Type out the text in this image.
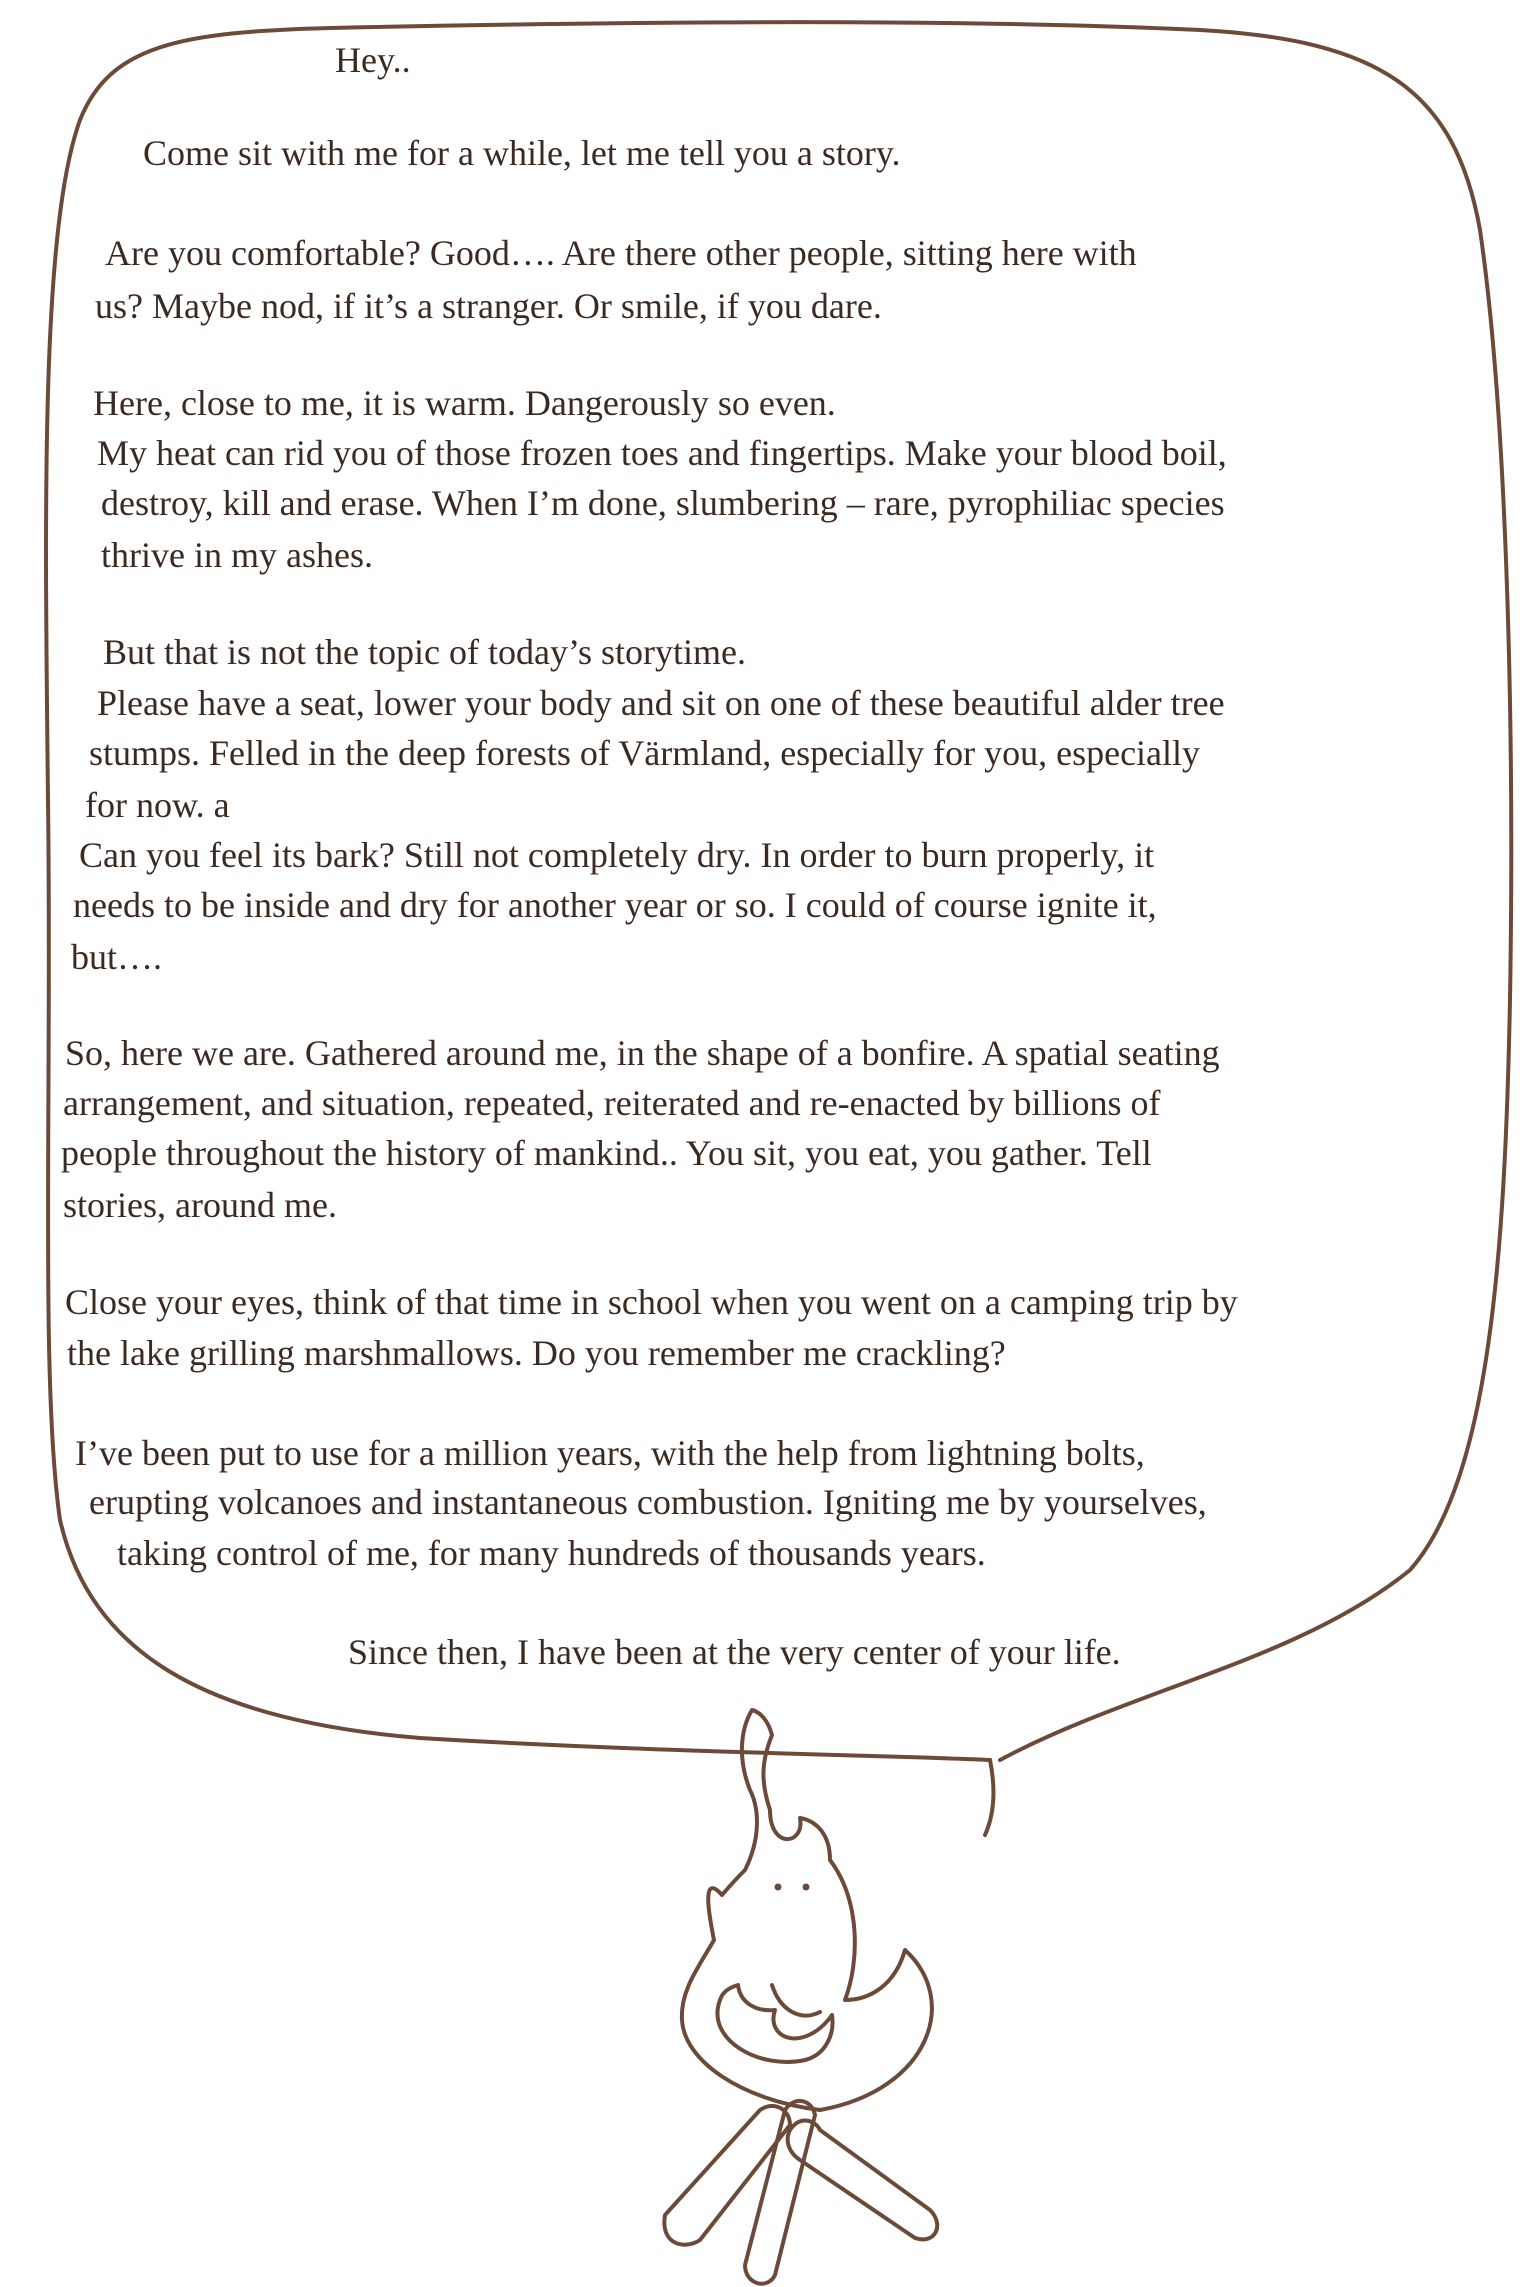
Hey..
Come sit with me for a while, let me tell you a story.
Are you comfortable? Good…. Are there other people, sitting here with
us? Maybe nod, if it’s a stranger. Or smile, if you dare.
Here, close to me, it is warm. Dangerously so even.
My heat can rid you of those frozen toes and fingertips. Make your blood boil,
destroy, kill and erase. When I’m done, slumbering – rare, pyrophiliac species
thrive in my ashes.
But that is not the topic of today’s storytime.
Please have a seat, lower your body and sit on one of these beautiful alder tree
stumps. Felled in the deep forests of Värmland, especially for you, especially
for now. a
Can you feel its bark? Still not completely dry. In order to burn properly, it
needs to be inside and dry for another year or so. I could of course ignite it,
but….
So, here we are. Gathered around me, in the shape of a bonfire. A spatial seating
arrangement, and situation, repeated, reiterated and re-enacted by billions of
people throughout the history of mankind.. You sit, you eat, you gather. Tell
stories, around me.
Close your eyes, think of that time in school when you went on a camping trip by
the lake grilling marshmallows. Do you remember me crackling?
I’ve been put to use for a million years, with the help from lightning bolts,
erupting volcanoes and instantaneous combustion. Igniting me by yourselves,
taking control of me, for many hundreds of thousands years.
Since then, I have been at the very center of your life.
